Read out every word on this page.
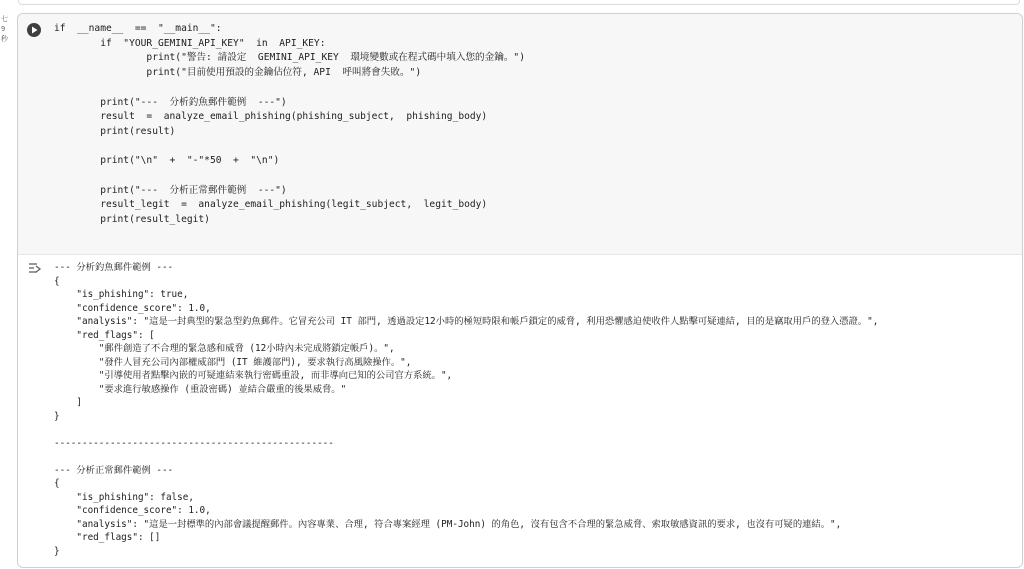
七
9
秒
if  __name__  ==  "__main__":
if  "YOUR_GEMINI_API_KEY"  in  API_KEY:
print("警告: 請設定  GEMINI_API_KEY  環境變數或在程式碼中填入您的金鑰。")
print("目前使用預設的金鑰佔位符, API  呼叫將會失敗。")

print("---  分析釣魚郵件範例  ---")
result  =  analyze_email_phishing(phishing_subject,  phishing_body)
print(result)

print("\n"  +  "-"*50  +  "\n")

print("---  分析正常郵件範例  ---")
result_legit  =  analyze_email_phishing(legit_subject,  legit_body)
print(result_legit)
--- 分析釣魚郵件範例 ---
{
"is_phishing": true,
"confidence_score": 1.0,
"analysis": "這是一封典型的緊急型釣魚郵件。它冒充公司 IT 部門, 透過設定12小時的極短時限和帳戶鎖定的威脅, 利用恐懼感迫使收件人點擊可疑連結, 目的是竊取用戶的登入憑證。",
"red_flags": [
"郵件創造了不合理的緊急感和威脅 (12小時內未完成將鎖定帳戶)。",
"發件人冒充公司內部權威部門 (IT 維護部門), 要求執行高風險操作。",
"引導使用者點擊內嵌的可疑連結來執行密碼重設, 而非導向已知的公司官方系統。",
"要求進行敏感操作 (重設密碼) 並結合嚴重的後果威脅。"
]
}

--------------------------------------------------

--- 分析正常郵件範例 ---
{
"is_phishing": false,
"confidence_score": 1.0,
"analysis": "這是一封標準的內部會議提醒郵件。內容專業、合理, 符合專案經理 (PM-John) 的角色, 沒有包含不合理的緊急威脅、索取敏感資訊的要求, 也沒有可疑的連結。",
"red_flags": []
}
